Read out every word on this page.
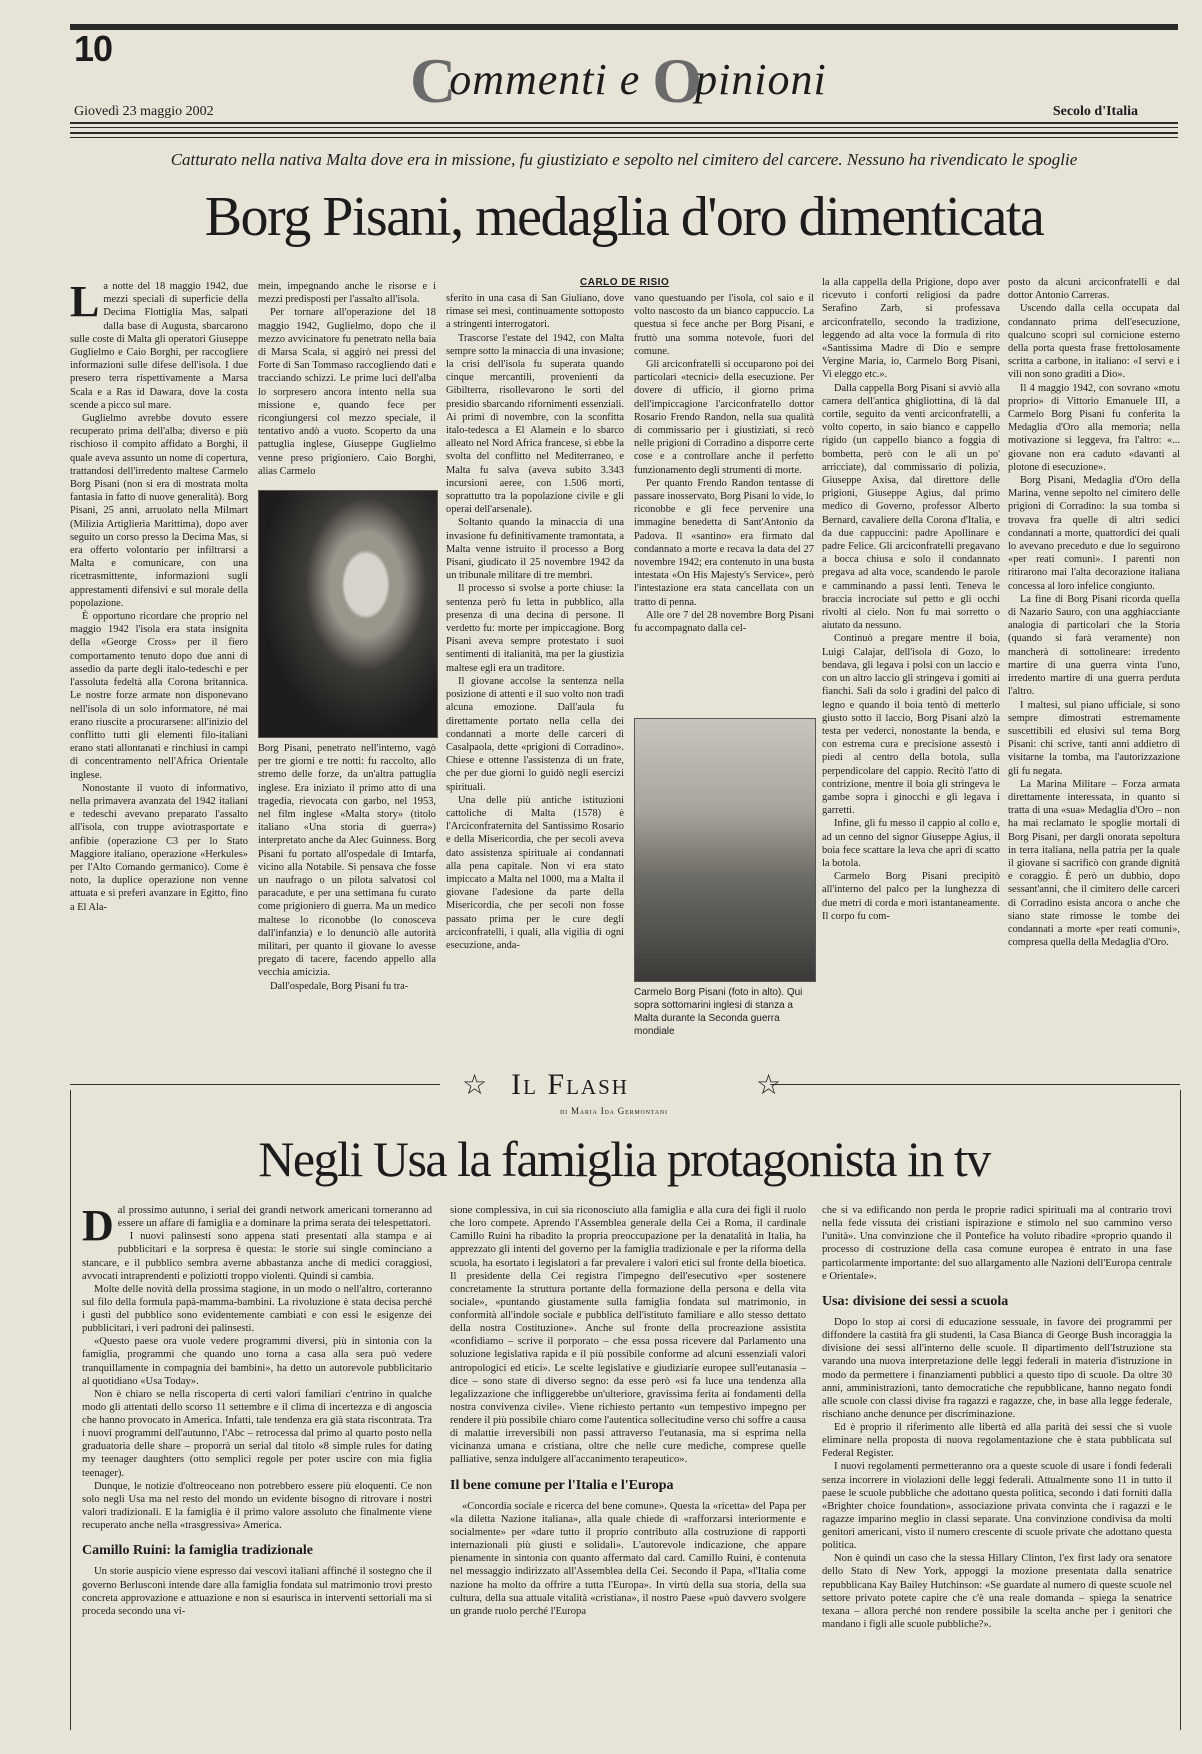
10	Commenti e Opinioni
Giovedì 23 maggio 2002	Secolo d'Italia
Catturato nella nativa Malta dove era in missione, fu giustiziato e sepolto nel cimitero del carcere. Nessuno ha rivendicato le spoglie
Borg Pisani, medaglia d'oro dimenticata

La notte del 18 maggio 1942, due mezzi speciali di superficie della Decima Flottiglia Mas, salpati dalla base di Augusta, sbarcarono sulle coste di Malta gli operatori Giuseppe Guglielmo e Caio Borghi, per raccogliere informazioni sulle difese dell'isola. I due presero terra rispettivamente a Marsa Scala e a Ras id Dawara, dove la costa scende a picco sul mare.

Guglielmo avrebbe dovuto essere recuperato prima dell'alba; diverso e più rischioso il compito affidato a Borghi, il quale aveva assunto un nome di copertura, trattandosi dell'irredento maltese Carmelo Borg Pisani (non si era di mostrata molta fantasia in fatto di nuove generalità). Borg Pisani, 25 anni, arruolato nella Milmart (Milizia Artiglieria Marittima), dopo aver seguito un corso presso la Decima Mas, si era offerto volontario per infiltrarsi a Malta e comunicare, con una ricetrasmittente, informazioni sugli apprestamenti difensivi e sul morale della popolazione.

È opportuno ricordare che proprio nel maggio 1942 l'isola era stata insignita della «George Cross» per il fiero comportamento tenuto dopo due anni di assedio da parte degli italo-tedeschi e per l'assoluta fedeltà alla Corona britannica. Le nostre forze armate non disponevano nell'isola di un solo informatore, né mai erano riuscite a procurarsene: all'inizio del conflitto tutti gli elementi filo-italiani erano stati allontanati e rinchiusi in campi di concentramento nell'Africa Orientale inglese.

Nonostante il vuoto di informativo, nella primavera avanzata del 1942 italiani e tedeschi avevano preparato l'assalto all'isola, con truppe aviotrasportate e anfibie (operazione C3 per lo Stato Maggiore italiano, operazione «Herkules» per l'Alto Comando germanico). Come è noto, la duplice operazione non venne attuata e si preferì avanzare in Egitto, fino a El Ala-

mein, impegnando anche le risorse e i mezzi predisposti per l'assalto all'isola.

Per tornare all'operazione del 18 maggio 1942, Guglielmo, dopo che il mezzo avvicinatore fu penetrato nella baia di Marsa Scala, si aggirò nei pressi del Forte di San Tommaso raccogliendo dati e tracciando schizzi. Le prime luci dell'alba lo sorpresero ancora intento nella sua missione e, quando fece per ricongiungersi col mezzo speciale, il tentativo andò a vuoto. Scoperto da una pattuglia inglese, Giuseppe Guglielmo venne preso prigioniero. Caio Borghi, alias Carmelo

Borg Pisani, penetrato nell'interno, vagò per tre giorni e tre notti: fu raccolto, allo stremo delle forze, da un'altra pattuglia inglese. Era iniziato il primo atto di una tragedia, rievocata con garbo, nel 1953, nel film inglese «Malta story» (titolo italiano «Una storia di guerra») interpretato anche da Alec Guinness. Borg Pisani fu portato all'ospedale di Imtarfa, vicino alla Notabile. Si pensava che fosse un naufrago o un pilota salvatosi col paracadute, e per una settimana fu curato come prigioniero di guerra. Ma un medico maltese lo riconobbe (lo conosceva dall'infanzia) e lo denunciò alle autorità militari, per quanto il giovane lo avesse pregato di tacere, facendo appello alla vecchia amicizia.

Dall'ospedale, Borg Pisani fu tra-

CARLO DE RISIO

sferito in una casa di San Giuliano, dove rimase sei mesi, continuamente sottoposto a stringenti interrogatori.

Trascorse l'estate del 1942, con Malta sempre sotto la minaccia di una invasione; la crisi dell'isola fu superata quando cinque mercantili, provenienti da Gibilterra, risollevarono le sorti del presidio sbarcando rifornimenti essenziali. Ai primi di novembre, con la sconfitta italo-tedesca a El Alamein e lo sbarco alleato nel Nord Africa francese, si ebbe la svolta del conflitto nel Mediterraneo, e Malta fu salva (aveva subito 3.343 incursioni aeree, con 1.506 morti, soprattutto tra la popolazione civile e gli operai dell'arsenale).

Soltanto quando la minaccia di una invasione fu definitivamente tramontata, a Malta venne istruito il processo a Borg Pisani, giudicato il 25 novembre 1942 da un tribunale militare di tre membri.

Il processo si svolse a porte chiuse: la sentenza però fu letta in pubblico, alla presenza di una decina di persone. Il verdetto fu: morte per impiccagione. Borg Pisani aveva sempre protestato i suoi sentimenti di italianità, ma per la giustizia maltese egli era un traditore.

Il giovane accolse la sentenza nella posizione di attenti e il suo volto non tradì alcuna emozione. Dall'aula fu direttamente portato nella cella dei condannati a morte delle carceri di Casalpaola, dette «prigioni di Corradino». Chiese e ottenne l'assistenza di un frate, che per due giorni lo guidò negli esercizi spirituali.

Una delle più antiche istituzioni cattoliche di Malta (1578) è l'Arciconfraternita del Santissimo Rosario e della Misericordia, che per secoli aveva dato assistenza spirituale ai condannati alla pena capitale. Non vi era stato impiccato a Malta nel 1000, ma a Malta il giovane l'adesione da parte della Misericordia, che per secoli non fosse passato prima per le cure degli arciconfratelli, i quali, alla vigilia di ogni esecuzione, anda-

vano questuando per l'isola, col saio e il volto nascosto da un bianco cappuccio. La questua si fece anche per Borg Pisani, e fruttò una somma notevole, fuori del comune.

Gli arciconfratelli si occuparono poi dei particolari «tecnici» della esecuzione. Per dovere di ufficio, il giorno prima dell'impiccagione l'arciconfratello dottor Rosario Frendo Randon, nella sua qualità di commissario per i giustiziati, si recò nelle prigioni di Corradino a disporre certe cose e a controllare anche il perfetto funzionamento degli strumenti di morte.

Per quanto Frendo Randon tentasse di passare inosservato, Borg Pisani lo vide, lo riconobbe e gli fece pervenire una immagine benedetta di Sant'Antonio da Padova. Il «santino» era firmato dal condannato a morte e recava la data del 27 novembre 1942; era contenuto in una busta intestata «On His Majesty's Service», però l'intestazione era stata cancellata con un tratto di penna.

Alle ore 7 del 28 novembre Borg Pisani fu accompagnato dalla cel-

Carmelo Borg Pisani (foto in alto). Qui sopra sottomarini inglesi di stanza a Malta durante la Seconda guerra mondiale

la alla cappella della Prigione, dopo aver ricevuto i conforti religiosi da padre Serafino Zarb, si professava arciconfratello, secondo la tradizione, leggendo ad alta voce la formula di rito «Santissima Madre di Dio e sempre Vergine Maria, io, Carmelo Borg Pisani, Vi eleggo etc.».

Dalla cappella Borg Pisani si avviò alla camera dell'antica ghigliottina, di là dal cortile, seguito da venti arciconfratelli, a volto coperto, in saio bianco e cappello rigido (un cappello bianco a foggia di bombetta, però con le ali un po' arricciate), dal commissario di polizia, Giuseppe Axisa, dal direttore delle prigioni, Giuseppe Agius, dal primo medico di Governo, professor Alberto Bernard, cavaliere della Corona d'Italia, e da due cappuccini: padre Apollinare e padre Felice. Gli arciconfratelli pregavano a bocca chiusa e solo il condannato pregava ad alta voce, scandendo le parole e camminando a passi lenti. Teneva le braccia incrociate sul petto e gli occhi rivolti al cielo. Non fu mai sorretto o aiutato da nessuno.

Continuò a pregare mentre il boia, Luigi Calajar, dell'isola di Gozo, lo bendava, gli legava i polsi con un laccio e con un altro laccio gli stringeva i gomiti ai fianchi. Salì da solo i gradini del palco di legno e quando il boia tentò di metterlo giusto sotto il laccio, Borg Pisani alzò la testa per vederci, nonostante la benda, e con estrema cura e precisione assestò i piedi al centro della botola, sulla perpendicolare del cappio. Recitò l'atto di contrizione, mentre il boia gli stringeva le gambe sopra i ginocchi e gli legava i garretti.

Infine, gli fu messo il cappio al collo e, ad un cenno del signor Giuseppe Agius, il boia fece scattare la leva che aprì di scatto la botola.

Carmelo Borg Pisani precipitò all'interno del palco per la lunghezza di due metri di corda e morì istantaneamente. Il corpo fu com-

posto da alcuni arciconfratelli e dal dottor Antonio Carreras.

Uscendo dalla cella occupata dal condannato prima dell'esecuzione, qualcuno scoprì sul cornicione esterno della porta questa frase frettolosamente scritta a carbone, in italiano: «I servi e i vili non sono graditi a Dio».

Il 4 maggio 1942, con sovrano «motu proprio» di Vittorio Emanuele III, a Carmelo Borg Pisani fu conferita la Medaglia d'Oro alla memoria; nella motivazione si leggeva, fra l'altro: «... giovane non era caduto «davanti al plotone di esecuzione».

Borg Pisani, Medaglia d'Oro della Marina, venne sepolto nel cimitero delle prigioni di Corradino: la sua tomba si trovava fra quelle di altri sedici condannati a morte, quattordici dei quali lo avevano preceduto e due lo seguirono «per reati comuni». I parenti non ritirarono mai l'alta decorazione italiana concessa al loro infelice congiunto.

La fine di Borg Pisani ricorda quella di Nazario Sauro, con una agghiacciante analogia di particolari che la Storia (quando si farà veramente) non mancherà di sottolineare: irredento martire di una guerra vinta l'uno, irredento martire di una guerra perduta l'altro.

I maltesi, sul piano ufficiale, si sono sempre dimostrati estremamente suscettibili ed elusivi sul tema Borg Pisani: chi scrive, tanti anni addietro di visitarne la tomba, ma l'autorizzazione gli fu negata.

La Marina Militare – Forza armata direttamente interessata, in quanto si tratta di una «sua» Medaglia d'Oro – non ha mai reclamato le spoglie mortali di Borg Pisani, per darglì onorata sepoltura in terra italiana, nella patria per la quale il giovane si sacrificò con grande dignità e coraggio. È però un dubbio, dopo sessant'anni, che il cimitero delle carceri di Corradino esista ancora o anche che siano state rimosse le tombe dei condannati a morte «per reati comuni», compresa quella della Medaglia d'Oro.

☆	☆
Il Flash
di Maria Ida Germontani
Negli Usa la famiglia protagonista in tv

Dal prossimo autunno, i serial dei grandi network americani torneranno ad essere un affare di famiglia e a dominare la prima serata dei telespettatori.

I nuovi palinsesti sono appena stati presentati alla stampa e ai pubblicitari e la sorpresa è questa: le storie sui single cominciano a stancare, e il pubblico sembra averne abbastanza anche di medici coraggiosi, avvocati intraprendenti e poliziotti troppo violenti. Quindi si cambia.

Molte delle novità della prossima stagione, in un modo o nell'altro, corteranno sul filo della formula papà-mamma-bambini. La rivoluzione è stata decisa perché i gusti del pubblico sono evidentemente cambiati e con essi le esigenze dei pubblicitari, i veri padroni dei palinsesti.

«Questo paese ora vuole vedere programmi diversi, più in sintonia con la famiglia, programmi che quando uno torna a casa alla sera può vedere tranquillamente in compagnia dei bambini», ha detto un autorevole pubblicitario al quotidiano «Usa Today».

Non è chiaro se nella riscoperta di certi valori familiari c'entrino in qualche modo gli attentati dello scorso 11 settembre e il clima di incertezza e di angoscia che hanno provocato in America. Infatti, tale tendenza era già stata riscontrata. Tra i nuovi programmi dell'autunno, l'Abc – retrocessa dal primo al quarto posto nella graduatoria delle share – proporrà un serial dal titolo «8 simple rules for dating my teenager daughters (otto semplici regole per poter uscire con mia figlia teenager).

Dunque, le notizie d'oltreoceano non potrebbero essere più eloquenti. Ce non solo negli Usa ma nel resto del mondo un evidente bisogno di ritrovare i nostri valori tradizionali. E la famiglia è il primo valore assoluto che finalmente viene recuperato anche nella «trasgressiva» America.

Camillo Ruini: la famiglia tradizionale

Un storie auspicio viene espresso dai vescovi italiani affinché il sostegno che il governo Berlusconi intende dare alla famiglia fondata sul matrimonio trovi presto concreta approvazione e attuazione e non si esaurisca in interventi settoriali ma si proceda secondo una vi-

sione complessiva, in cui sia riconosciuto alla famiglia e alla cura dei figli il ruolo che loro compete. Aprendo l'Assemblea generale della Cei a Roma, il cardinale Camillo Ruini ha ribadito la propria preoccupazione per la denatalità in Italia, ha apprezzato gli intenti del governo per la famiglia tradizionale e per la riforma della scuola, ha esortato i legislatori a far prevalere i valori etici sul fronte della bioetica. Il presidente della Cei registra l'impegno dell'esecutivo «per sostenere concretamente la struttura portante della formazione della persona e della vita sociale», «puntando giustamente sulla famiglia fondata sul matrimonio, in conformità all'indole sociale e pubblica dell'istituto familiare e allo stesso dettato della nostra Costituzione». Anche sul fronte della procreazione assistita «confidiamo – scrive il porporato – che essa possa ricevere dal Parlamento una soluzione legislativa rapida e il più possibile conforme ad alcuni essenziali valori antropologici ed etici». Le scelte legislative e giudiziarie europee sull'eutanasia – dice – sono state di diverso segno: da esse però «si fa luce una tendenza alla legalizzazione che infliggerebbe un'ulteriore, gravissima ferita ai fondamenti della nostra convivenza civile». Viene richiesto pertanto «un tempestivo impegno per rendere il più possibile chiaro come l'autentica sollecitudine verso chi soffre a causa di malattie irreversibili non passi attraverso l'eutanasia, ma si esprima nella vicinanza umana e cristiana, oltre che nelle cure mediche, comprese quelle palliative, senza indulgere all'accanimento terapeutico».

Il bene comune per l'Italia e l'Europa

«Concordia sociale e ricerca del bene comune». Questa la «ricetta» del Papa per «la diletta Nazione italiana», alla quale chiede di «rafforzarsi interiormente e socialmente» per «dare tutto il proprio contributo alla costruzione di rapporti internazionali più giusti e solidali». L'autorevole indicazione, che appare pienamente in sintonia con quanto affermato dal card. Camillo Ruini, è contenuta nel messaggio indirizzato all'Assemblea della Cei. Secondo il Papa, «l'Italia come nazione ha molto da offrire a tutta l'Europa». In virtù della sua storia, della sua cultura, della sua attuale vitalità «cristiana», il nostro Paese «può davvero svolgere un grande ruolo perché l'Europa

che si va edificando non perda le proprie radici spirituali ma al contrario trovi nella fede vissuta dei cristiani ispirazione e stimolo nel suo cammino verso l'unità». Una convinzione che il Pontefice ha voluto ribadire «proprio quando il processo di costruzione della casa comune europea è entrato in una fase particolarmente importante: del suo allargamento alle Nazioni dell'Europa centrale e Orientale».

Usa: divisione dei sessi a scuola

Dopo lo stop ai corsi di educazione sessuale, in favore dei programmi per diffondere la castità fra gli studenti, la Casa Bianca di George Bush incoraggia la divisione dei sessi all'interno delle scuole. Il dipartimento dell'Istruzione sta varando una nuova interpretazione delle leggi federali in materia d'istruzione in modo da permettere i finanziamenti pubblici a questo tipo di scuole. Da oltre 30 anni, amministrazioni, tanto democratiche che repubblicane, hanno negato fondi alle scuole con classi divise fra ragazzi e ragazze, che, in base alla legge federale, rischiano anche denunce per discriminazione.

Ed è proprio il riferimento alle libertà ed alla parità dei sessi che si vuole eliminare nella proposta di nuova regolamentazione che è stata pubblicata sul Federal Register.

I nuovi regolamenti permetteranno ora a queste scuole di usare i fondi federali senza incorrere in violazioni delle leggi federali. Attualmente sono 11 in tutto il paese le scuole pubbliche che adottano questa politica, secondo i dati forniti dalla «Brighter choice foundation», associazione privata convinta che i ragazzi e le ragazze imparino meglio in classi separate. Una convinzione condivisa da molti genitori americani, visto il numero crescente di scuole private che adottano questa politica.

Non è quindi un caso che la stessa Hillary Clinton, l'ex first lady ora senatore dello Stato di New York, appoggi la mozione presentata dalla senatrice repubblicana Kay Bailey Hutchinson: «Se guardate al numero di queste scuole nel settore privato potete capire che c'è una reale domanda – spiega la senatrice texana – allora perché non rendere possibile la scelta anche per i genitori che mandano i figli alle scuole pubbliche?».
